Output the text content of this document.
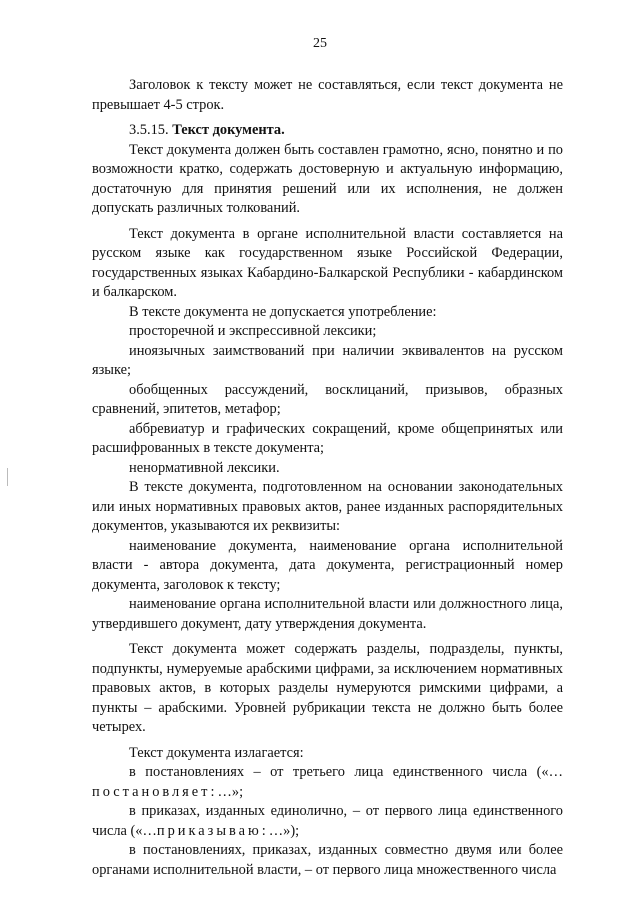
25

Заголовок к тексту может не составляться, если текст документа не превышает 4-5 строк.

3.5.15. Текст документа.

Текст документа должен быть составлен грамотно, ясно, понятно и по возможности кратко, содержать достоверную и актуальную информацию, достаточную для принятия решений или их исполнения, не должен допускать различных толкований.

Текст документа в органе исполнительной власти составляется на русском языке как государственном языке Российской Федерации, государственных языках Кабардино-Балкарской Республики - кабардинском и балкарском.

В тексте документа не допускается употребление:

просторечной и экспрессивной лексики;

иноязычных заимствований при наличии эквивалентов на русском языке;

обобщенных рассуждений, восклицаний, призывов, образных сравнений, эпитетов, метафор;

аббревиатур и графических сокращений, кроме общепринятых или расшифрованных в тексте документа;

ненормативной лексики.

В тексте документа, подготовленном на основании законодательных или иных нормативных правовых актов, ранее изданных распорядительных документов, указываются их реквизиты:

наименование документа, наименование органа исполнительной власти - автора документа, дата документа, регистрационный номер документа, заголовок к тексту;

наименование органа исполнительной власти или должностного лица, утвердившего документ, дату утверждения документа.

Текст документа может содержать разделы, подразделы, пункты, подпункты, нумеруемые арабскими цифрами, за исключением нормативных правовых актов, в которых разделы нумеруются римскими цифрами, а пункты – арабскими. Уровней рубрикации текста не должно быть более четырех.

Текст документа излагается:

в постановлениях – от третьего лица единственного числа («…постановляет:…»;

в приказах, изданных единолично, – от первого лица единственного числа («…приказываю:…»);

в постановлениях, приказах, изданных совместно двумя или более органами исполнительной власти, – от первого лица множественного числа
